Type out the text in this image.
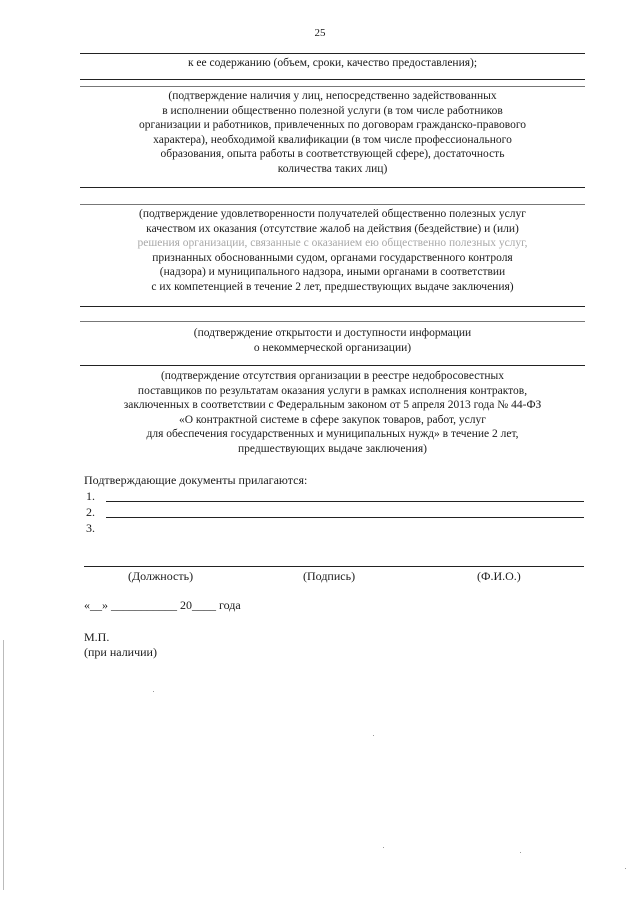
25
к ее содержанию (объем, сроки, качество предоставления);
(подтверждение наличия у лиц, непосредственно задействованных
в исполнении общественно полезной услуги (в том числе работников
организации и работников, привлеченных по договорам гражданско-правового
характера), необходимой квалификации (в том числе профессионального
образования, опыта работы в соответствующей сфере), достаточность
количества таких лиц)
(подтверждение удовлетворенности получателей общественно полезных услуг
качеством их оказания (отсутствие жалоб на действия (бездействие) и (или)
решения организации, связанные с оказанием ею общественно полезных услуг,
признанных обоснованными судом, органами государственного контроля
(надзора) и муниципального надзора, иными органами в соответствии
с их компетенцией в течение 2 лет, предшествующих выдаче заключения)
(подтверждение открытости и доступности информации
о некоммерческой организации)
(подтверждение отсутствия организации в реестре недобросовестных
поставщиков по результатам оказания услуги в рамках исполнения контрактов,
заключенных в соответствии с Федеральным законом от 5 апреля 2013 года № 44-ФЗ
«О контрактной системе в сфере закупок товаров, работ, услуг
для обеспечения государственных и муниципальных нужд» в течение 2 лет,
предшествующих выдаче заключения)
Подтверждающие документы прилагаются:
1.
2.
3.
(Должность)	(Подпись)	(Ф.И.О.)
«__» ___________ 20____ года
М.П.
(при наличии)
